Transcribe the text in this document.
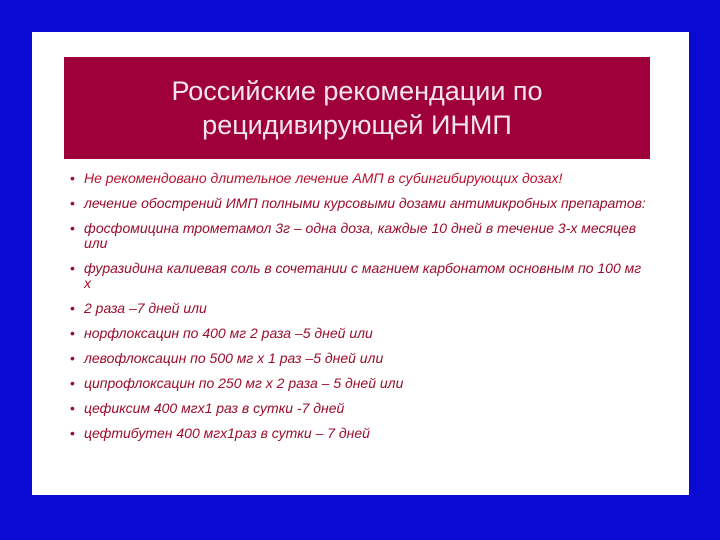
Российские рекомендации по
рецидивирующей ИНМП
• Не рекомендовано длительное лечение АМП в субингибирующих дозах!
• лечение обострений ИМП полными курсовыми дозами антимикробных препаратов:
• фосфомицина трометамол 3г – одна доза, каждые 10 дней в течение 3-х месяцев или
• фуразидина калиевая соль в сочетании с магнием карбонатом основным по 100 мг х
• 2 раза –7 дней или
• норфлоксацин по 400 мг 2 раза –5 дней или
• левофлоксацин по 500 мг х 1 раз –5 дней или
• ципрофлоксацин по 250 мг х 2 раза – 5 дней или
• цефиксим 400 мгх1 раз в сутки -7 дней
• цефтибутен 400 мгх1раз в сутки – 7 дней
